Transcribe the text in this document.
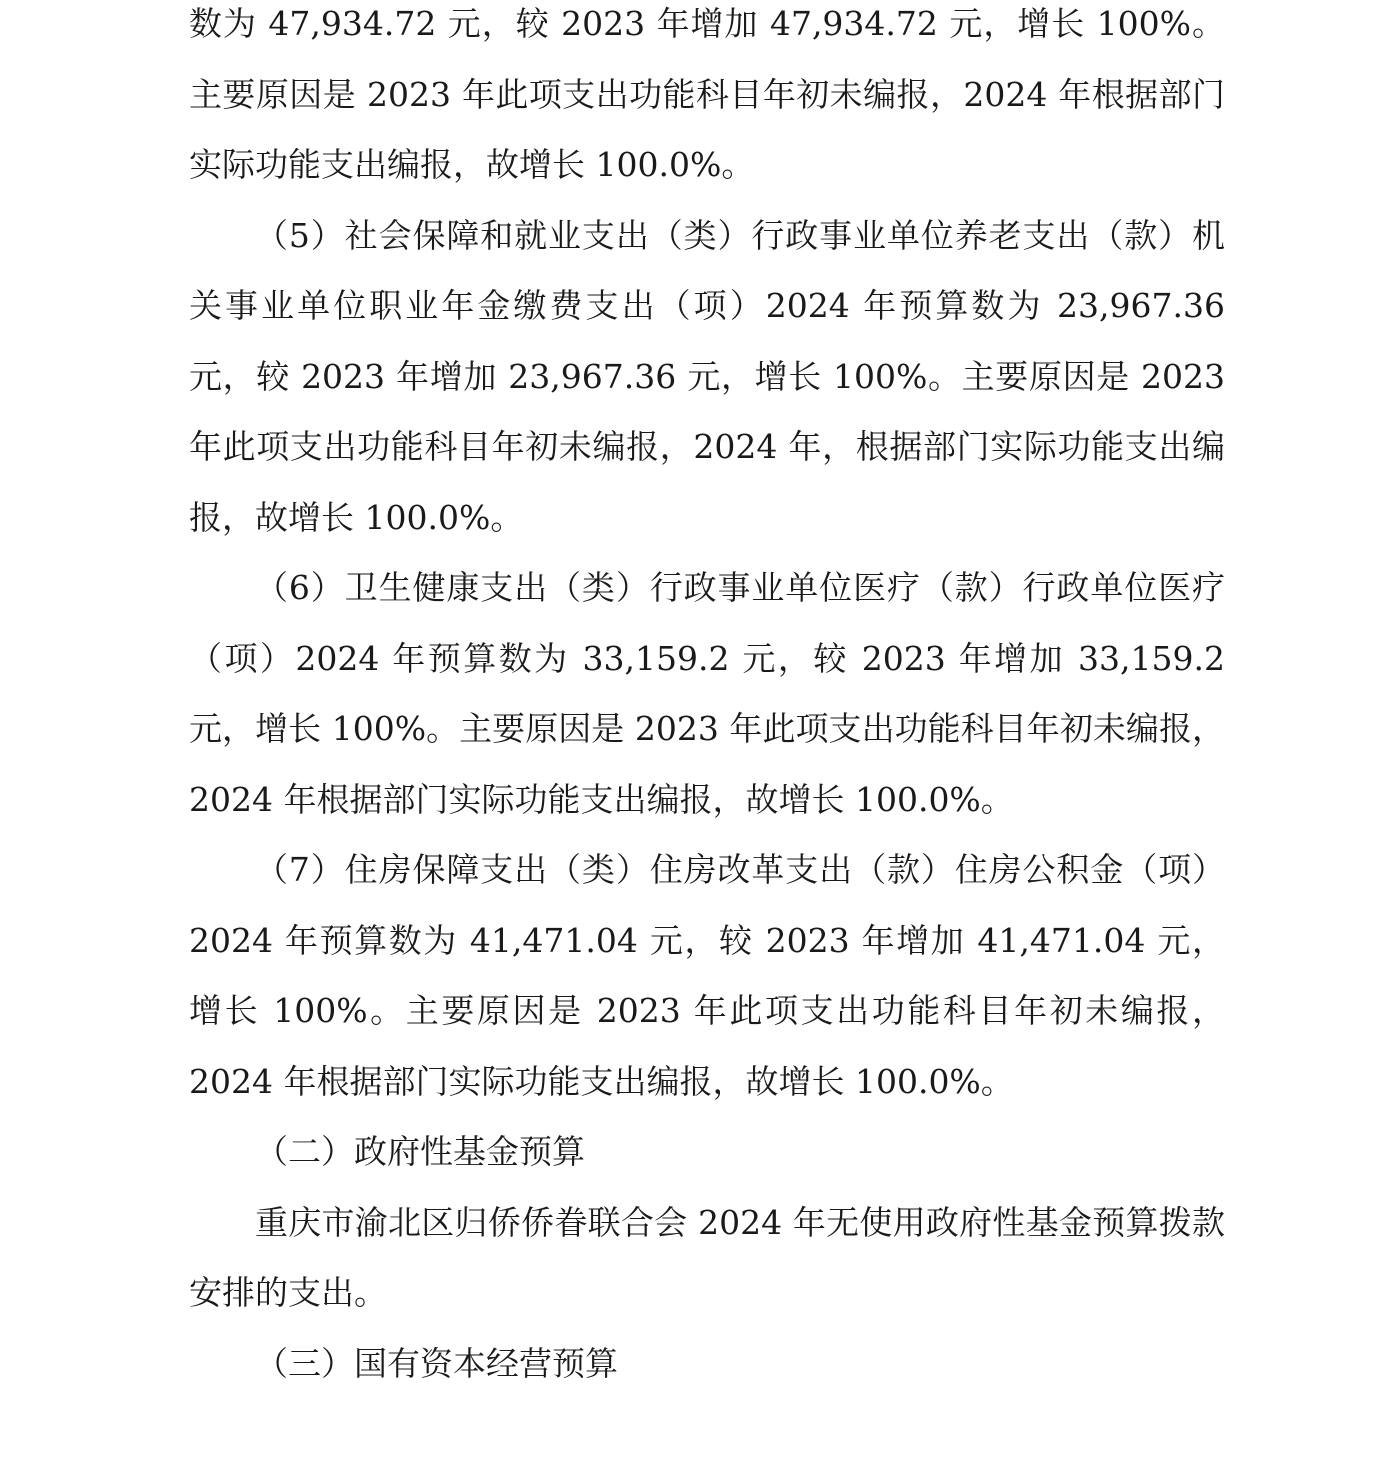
数为 47,934.72 元，较 2023 年增加 47,934.72 元，增长 100%。主要原因是 2023 年此项支出功能科目年初未编报，2024 年根据部门实际功能支出编报，故增长 100.0%。

（5）社会保障和就业支出（类）行政事业单位养老支出（款）机关事业单位职业年金缴费支出（项）2024 年预算数为 23,967.36 元，较 2023 年增加 23,967.36 元，增长 100%。主要原因是 2023 年此项支出功能科目年初未编报，2024 年，根据部门实际功能支出编报，故增长 100.0%。

（6）卫生健康支出（类）行政事业单位医疗（款）行政单位医疗（项）2024 年预算数为 33,159.2 元，较 2023 年增加 33,159.2 元，增长 100%。主要原因是 2023 年此项支出功能科目年初未编报，2024 年根据部门实际功能支出编报，故增长 100.0%。

（7）住房保障支出（类）住房改革支出（款）住房公积金（项）2024 年预算数为 41,471.04 元，较 2023 年增加 41,471.04 元，增长 100%。主要原因是 2023 年此项支出功能科目年初未编报，2024 年根据部门实际功能支出编报，故增长 100.0%。

（二）政府性基金预算

重庆市渝北区归侨侨眷联合会 2024 年无使用政府性基金预算拨款安排的支出。

（三）国有资本经营预算
